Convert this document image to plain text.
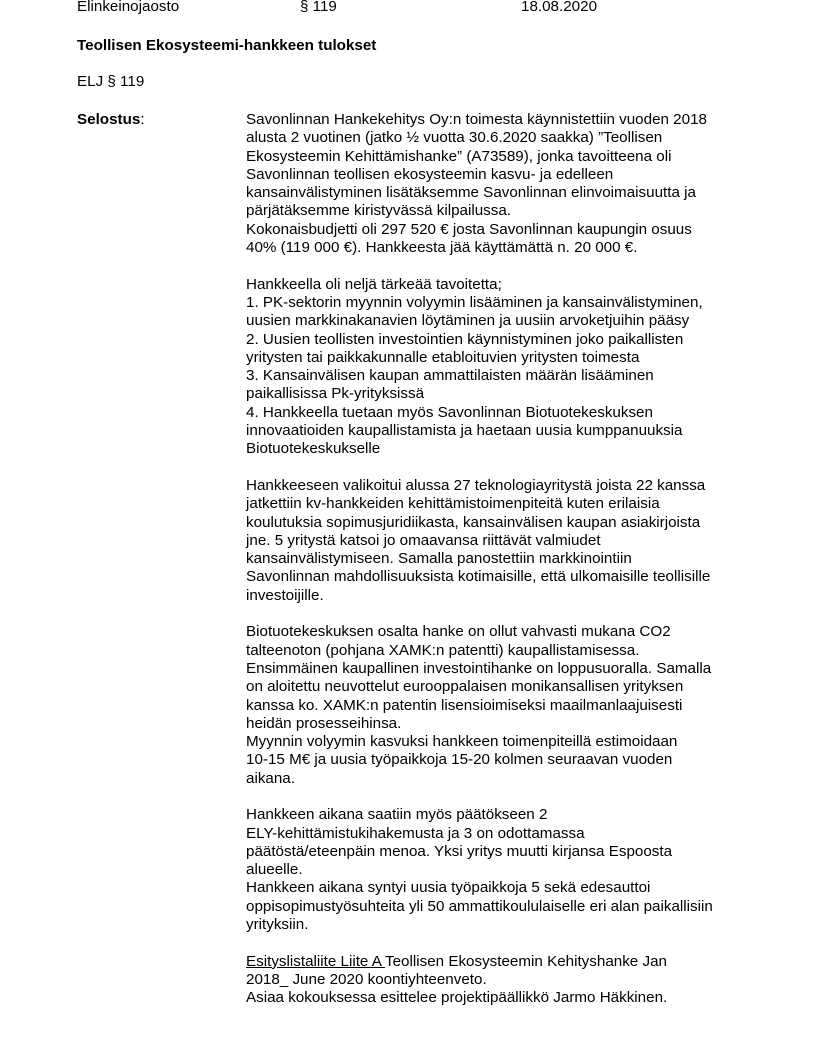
Elinkeinojaosto	§ 119	18.08.2020
Teollisen Ekosysteemi-hankkeen tulokset
ELJ § 119
Selostus:	Savonlinnan Hankekehitys Oy:n toimesta käynnistettiin vuoden 2018
alusta 2 vuotinen (jatko ½ vuotta 30.6.2020 saakka) ”Teollisen
Ekosysteemin Kehittämishanke” (A73589), jonka tavoitteena oli
Savonlinnan teollisen ekosysteemin kasvu- ja edelleen
kansainvälistyminen lisätäksemme Savonlinnan elinvoimaisuutta ja
pärjätäksemme kiristyvässä kilpailussa.
Kokonaisbudjetti oli 297 520 € josta Savonlinnan kaupungin osuus
40% (119 000 €). Hankkeesta jää käyttämättä n. 20 000 €.
Hankkeella oli neljä tärkeää tavoitetta;
1. PK-sektorin myynnin volyymin lisääminen ja kansainvälistyminen,
uusien markkinakanavien löytäminen ja uusiin arvoketjuihin pääsy
2. Uusien teollisten investointien käynnistyminen joko paikallisten
yritysten tai paikkakunnalle etabloituvien yritysten toimesta
3. Kansainvälisen kaupan ammattilaisten määrän lisääminen
paikallisissa Pk-yrityksissä
4. Hankkeella tuetaan myös Savonlinnan Biotuotekeskuksen
innovaatioiden kaupallistamista ja haetaan uusia kumppanuuksia
Biotuotekeskukselle
Hankkeeseen valikoitui alussa 27 teknologiayritystä joista 22 kanssa
jatkettiin kv-hankkeiden kehittämistoimenpiteitä kuten erilaisia
koulutuksia sopimusjuridiikasta, kansainvälisen kaupan asiakirjoista
jne. 5 yritystä katsoi jo omaavansa riittävät valmiudet
kansainvälistymiseen. Samalla panostettiin markkinointiin
Savonlinnan mahdollisuuksista kotimaisille, että ulkomaisille teollisille
investoijille.
Biotuotekeskuksen osalta hanke on ollut vahvasti mukana CO2
talteenoton (pohjana XAMK:n patentti) kaupallistamisessa.
Ensimmäinen kaupallinen investointihanke on loppusuoralla. Samalla
on aloitettu neuvottelut eurooppalaisen monikansallisen yrityksen
kanssa ko. XAMK:n patentin lisensioimiseksi maailmanlaajuisesti
heidän prosesseihinsa.
Myynnin volyymin kasvuksi hankkeen toimenpiteillä estimoidaan
10-15 M€ ja uusia työpaikkoja 15-20 kolmen seuraavan vuoden
aikana.
Hankkeen aikana saatiin myös päätökseen 2
ELY-kehittämistukihakemusta ja 3 on odottamassa
päätöstä/eteenpäin menoa. Yksi yritys muutti kirjansa Espoosta
alueelle.
Hankkeen aikana syntyi uusia työpaikkoja 5 sekä edesauttoi
oppisopimustyösuhteita yli 50 ammattikoululaiselle eri alan paikallisiin
yrityksiin.
Esityslistaliite Liite A Teollisen Ekosysteemin Kehityshanke Jan
2018_ June 2020 koontiyhteenveto.
Asiaa kokouksessa esittelee projektipäällikkö Jarmo Häkkinen.
